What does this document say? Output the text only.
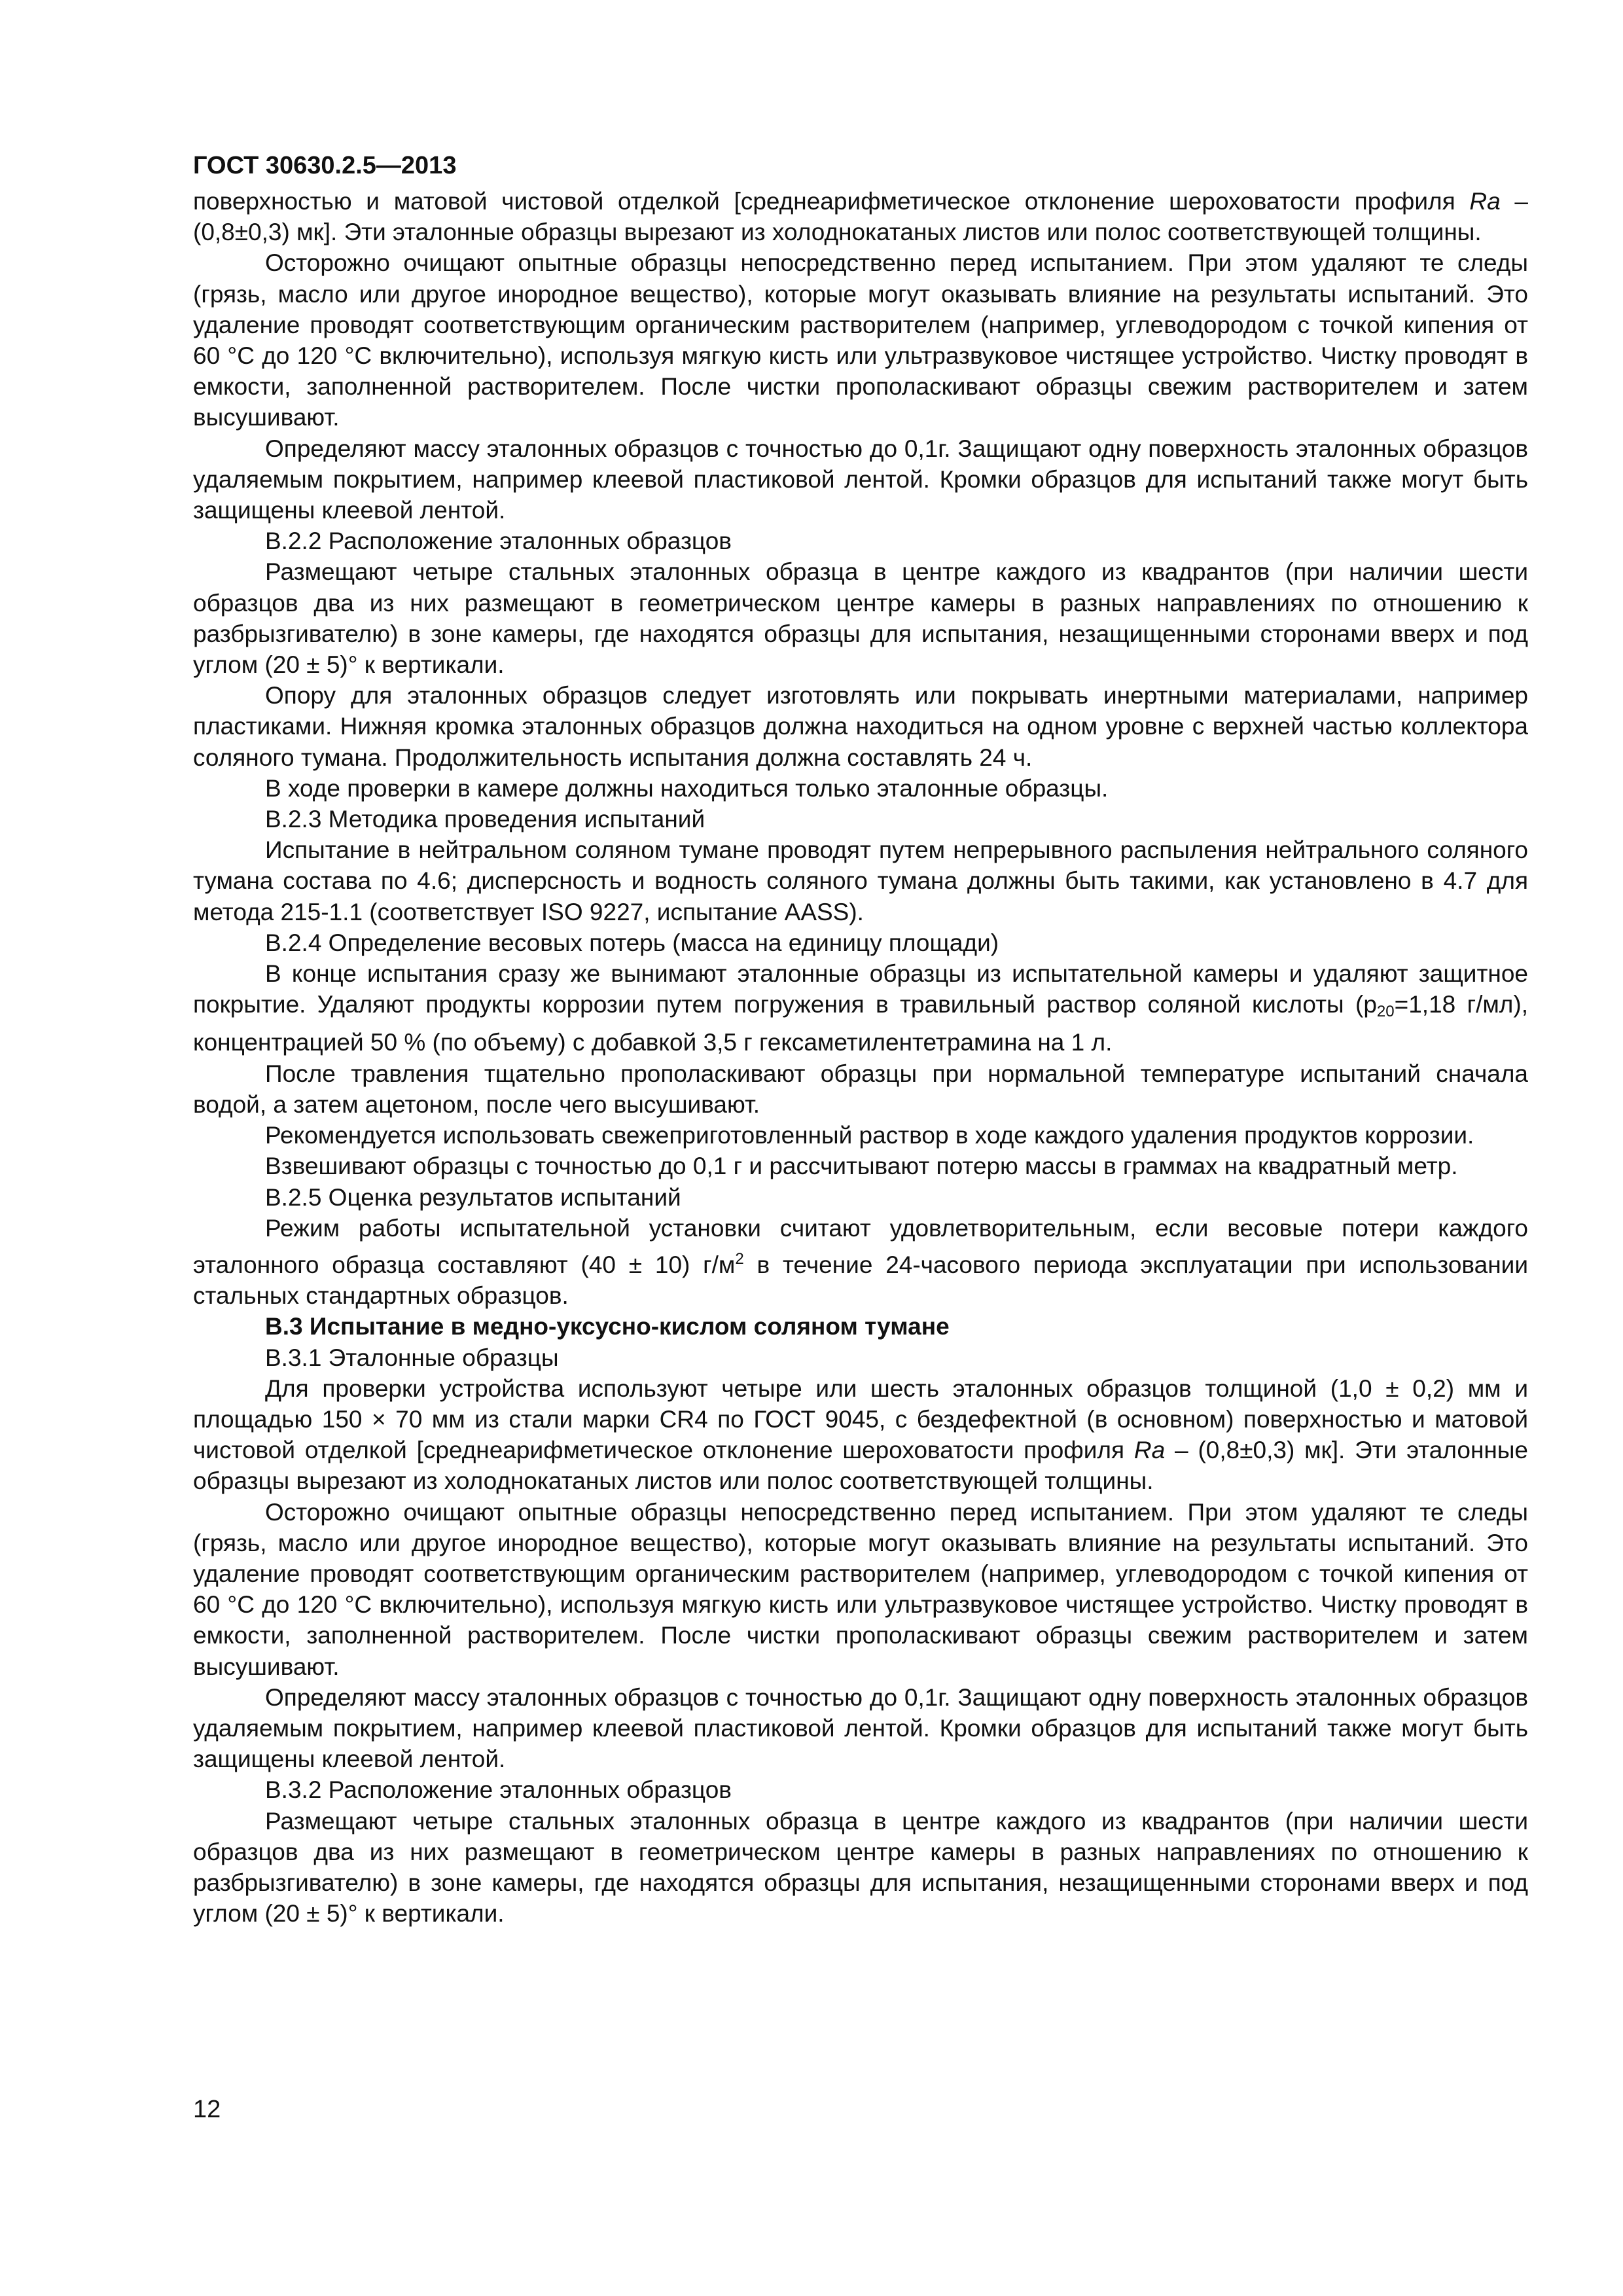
ГОСТ 30630.2.5—2013

поверхностью и матовой чистовой отделкой [среднеарифметическое отклонение шероховатости профиля Ra – (0,8±0,3) мк]. Эти эталонные образцы вырезают из холоднокатаных листов или полос соответствующей толщины.

Осторожно очищают опытные образцы непосредственно перед испытанием. При этом удаляют те следы (грязь, масло или другое инородное вещество), которые могут оказывать влияние на результаты испытаний. Это удаление проводят соответствующим органическим растворителем (например, углеводородом с точкой кипения от 60 °С до 120 °С включительно), используя мягкую кисть или ультразвуковое чистящее устройство. Чистку проводят в емкости, заполненной растворителем. После чистки прополаскивают образцы свежим растворителем и затем высушивают.

Определяют массу эталонных образцов с точностью до 0,1г. Защищают одну поверхность эталонных образцов удаляемым покрытием, например клеевой пластиковой лентой. Кромки образцов для испытаний также могут быть защищены клеевой лентой.

В.2.2 Расположение эталонных образцов

Размещают четыре стальных эталонных образца в центре каждого из квадрантов (при наличии шести образцов два из них размещают в геометрическом центре камеры в разных направлениях по отношению к разбрызгивателю) в зоне камеры, где находятся образцы для испытания, незащищенными сторонами вверх и под углом (20 ± 5)° к вертикали.

Опору для эталонных образцов следует изготовлять или покрывать инертными материалами, например пластиками. Нижняя кромка эталонных образцов должна находиться на одном уровне с верхней частью коллектора соляного тумана. Продолжительность испытания должна составлять 24 ч.

В ходе проверки в камере должны находиться только эталонные образцы.

В.2.3 Методика проведения испытаний

Испытание в нейтральном соляном тумане проводят путем непрерывного распыления нейтрального соляного тумана состава по 4.6; дисперсность и водность соляного тумана должны быть такими, как установлено в 4.7 для метода 215-1.1 (соответствует ISO 9227, испытание AASS).

В.2.4 Определение весовых потерь (масса на единицу площади)

В конце испытания сразу же вынимают эталонные образцы из испытательной камеры и удаляют защитное покрытие. Удаляют продукты коррозии путем погружения в травильный раствор соляной кислоты ($р_{20}=1,18$ г/мл), концентрацией 50 % (по объему) с добавкой 3,5 г гексаметилентетрамина на 1 л.

После травления тщательно прополаскивают образцы при нормальной температуре испытаний сначала водой, а затем ацетоном, после чего высушивают.

Рекомендуется использовать свежеприготовленный раствор в ходе каждого удаления продуктов коррозии.

Взвешивают образцы с точностью до 0,1 г и рассчитывают потерю массы в граммах на квадратный метр.

В.2.5 Оценка результатов испытаний

Режим работы испытательной установки считают удовлетворительным, если весовые потери каждого эталонного образца составляют (40 ± 10) $г/м^2$ в течение 24-часового периода эксплуатации при использовании стальных стандартных образцов.

В.3 Испытание в медно-уксусно-кислом соляном тумане

В.3.1 Эталонные образцы

Для проверки устройства используют четыре или шесть эталонных образцов толщиной (1,0 ± 0,2) мм и площадью 150 × 70 мм из стали марки CR4 по ГОСТ 9045, с бездефектной (в основном) поверхностью и матовой чистовой отделкой [среднеарифметическое отклонение шероховатости профиля Ra – (0,8±0,3) мк]. Эти эталонные образцы вырезают из холоднокатаных листов или полос соответствующей толщины.

Осторожно очищают опытные образцы непосредственно перед испытанием. При этом удаляют те следы (грязь, масло или другое инородное вещество), которые могут оказывать влияние на результаты испытаний. Это удаление проводят соответствующим органическим растворителем (например, углеводородом с точкой кипения от 60 °С до 120 °С включительно), используя мягкую кисть или ультразвуковое чистящее устройство. Чистку проводят в емкости, заполненной растворителем. После чистки прополаскивают образцы свежим растворителем и затем высушивают.

Определяют массу эталонных образцов с точностью до 0,1г. Защищают одну поверхность эталонных образцов удаляемым покрытием, например клеевой пластиковой лентой. Кромки образцов для испытаний также могут быть защищены клеевой лентой.

В.3.2 Расположение эталонных образцов

Размещают четыре стальных эталонных образца в центре каждого из квадрантов (при наличии шести образцов два из них размещают в геометрическом центре камеры в разных направлениях по отношению к разбрызгивателю) в зоне камеры, где находятся образцы для испытания, незащищенными сторонами вверх и под углом (20 ± 5)° к вертикали.

12
